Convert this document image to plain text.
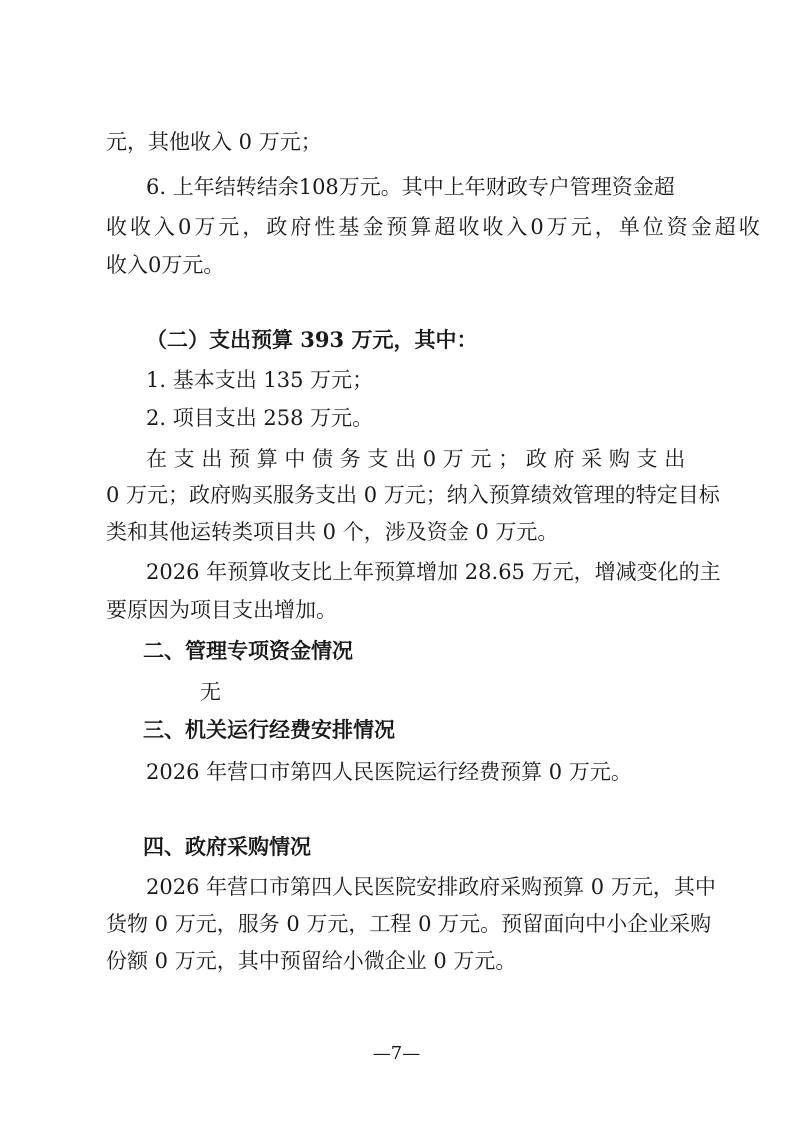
元，其他收入 0 万元；
6. 上年结转结余108万元。其中上年财政专户管理资金超
收收入0万元，政府性基金预算超收收入0万元，单位资金超收
收入0万元。
（二）支出预算 393 万元，其中：
1. 基本支出 135 万元；
2. 项目支出 258 万元。
在 支 出 预 算 中 债 务 支 出 0 万 元 ； 政 府 采 购 支 出
0 万元；政府购买服务支出 0 万元；纳入预算绩效管理的特定目标
类和其他运转类项目共 0 个，涉及资金 0 万元。
2026 年预算收支比上年预算增加 28.65 万元，增减变化的主
要原因为项目支出增加。
二、管理专项资金情况
无
三、机关运行经费安排情况
2026 年营口市第四人民医院运行经费预算 0 万元。
四、政府采购情况
2026 年营口市第四人民医院安排政府采购预算 0 万元，其中
货物 0 万元，服务 0 万元，工程 0 万元。预留面向中小企业采购
份额 0 万元，其中预留给小微企业 0 万元。
—7—
